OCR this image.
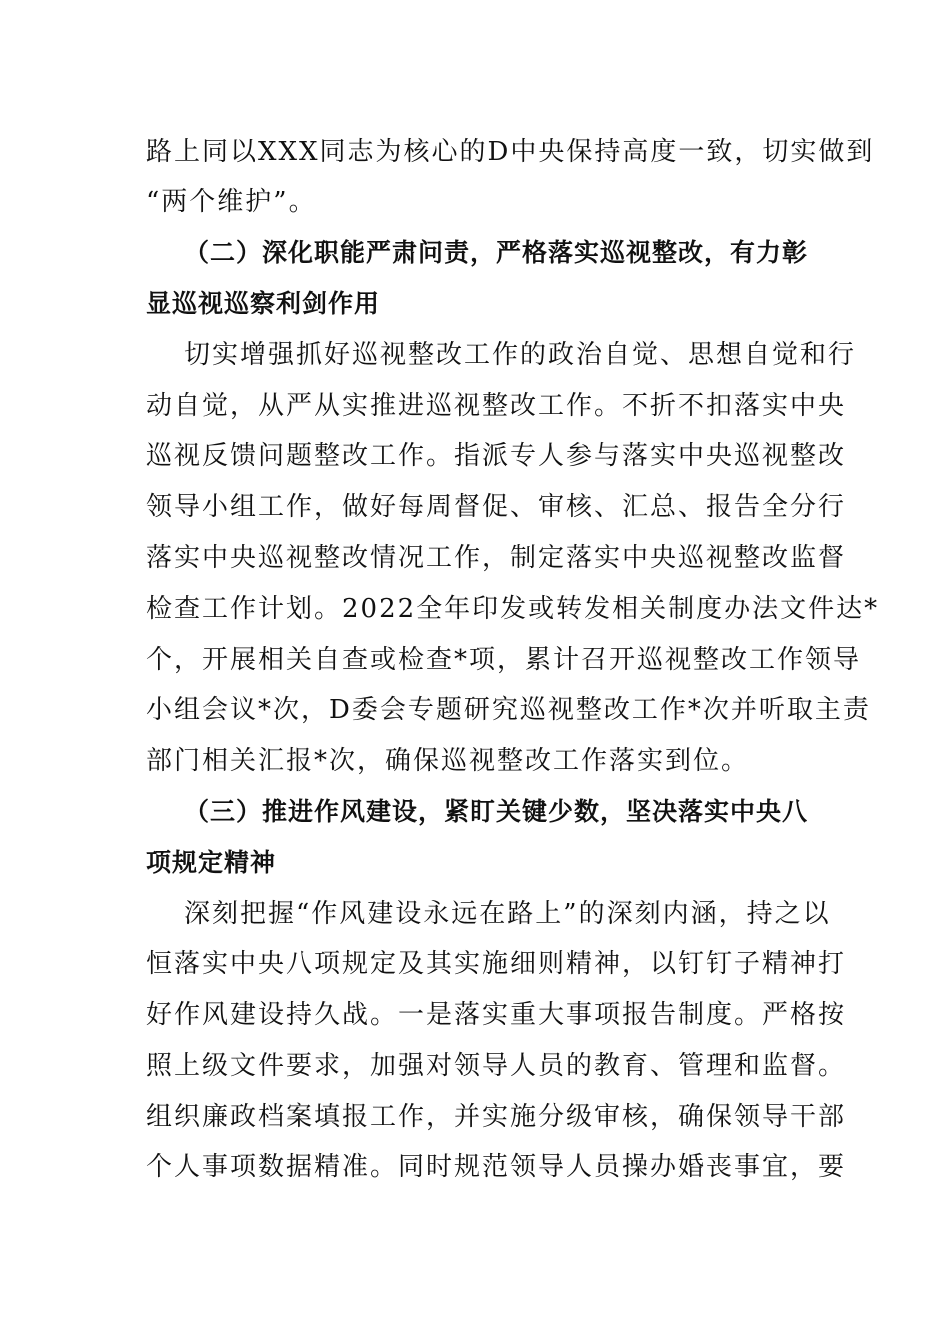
路上同以XXX同志为核心的D中央保持高度一致，切实做到
“两个维护”。
（二）深化职能严肃问责，严格落实巡视整改，有力彰
显巡视巡察利剑作用
切实增强抓好巡视整改工作的政治自觉、思想自觉和行
动自觉，从严从实推进巡视整改工作。不折不扣落实中央
巡视反馈问题整改工作。指派专人参与落实中央巡视整改
领导小组工作，做好每周督促、审核、汇总、报告全分行
落实中央巡视整改情况工作，制定落实中央巡视整改监督
检查工作计划。2022全年印发或转发相关制度办法文件达*
个，开展相关自查或检查*项，累计召开巡视整改工作领导
小组会议*次，D委会专题研究巡视整改工作*次并听取主责
部门相关汇报*次，确保巡视整改工作落实到位。
（三）推进作风建设，紧盯关键少数，坚决落实中央八
项规定精神
深刻把握“作风建设永远在路上”的深刻内涵，持之以
恒落实中央八项规定及其实施细则精神，以钉钉子精神打
好作风建设持久战。一是落实重大事项报告制度。严格按
照上级文件要求，加强对领导人员的教育、管理和监督。
组织廉政档案填报工作，并实施分级审核，确保领导干部
个人事项数据精准。同时规范领导人员操办婚丧事宜，要
